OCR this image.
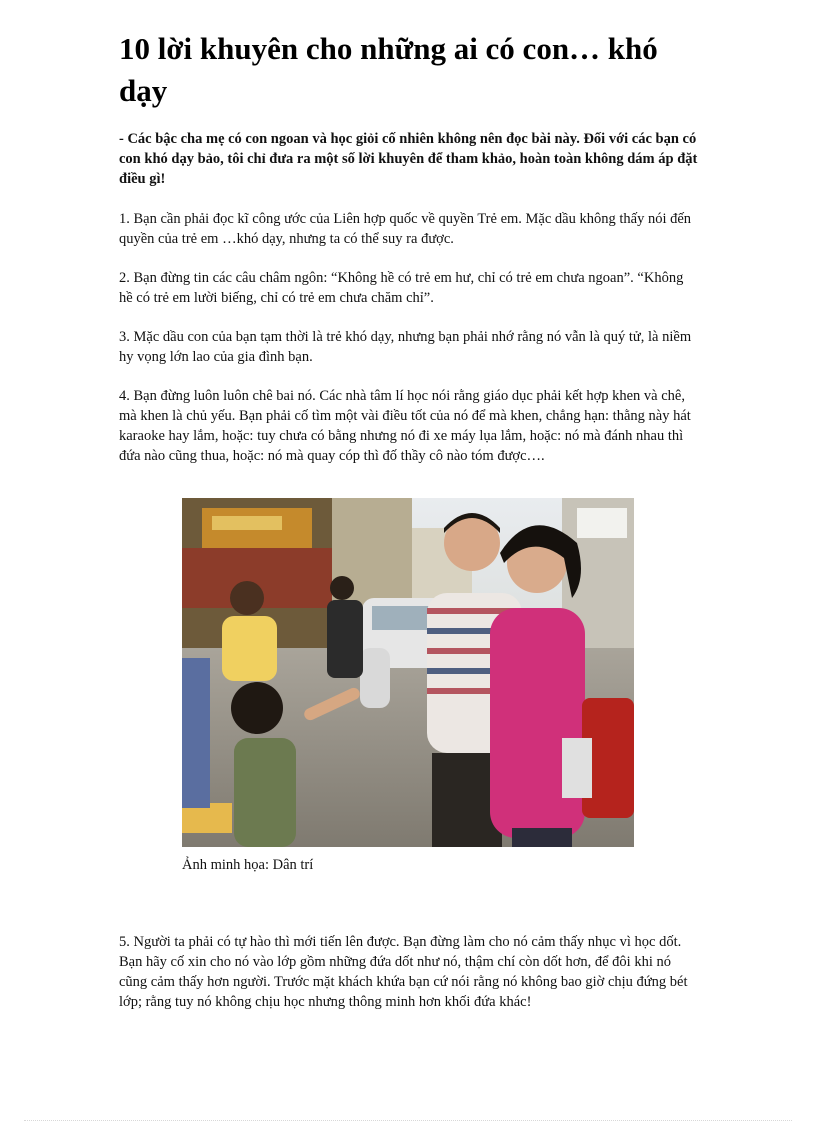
10 lời khuyên cho những ai có con… khó dạy

- Các bậc cha mẹ có con ngoan và học giỏi cố nhiên không nên đọc bài này. Đối với các bạn có con khó dạy bảo, tôi chỉ đưa ra một số lời khuyên để tham khảo, hoàn toàn không dám áp đặt điều gì!

1. Bạn cần phải đọc kĩ công ước của Liên hợp quốc về quyền Trẻ em. Mặc dầu không thấy nói đến quyền của trẻ em …khó dạy, nhưng ta có thể suy ra được.

2. Bạn đừng tin các câu châm ngôn: “Không hề có trẻ em hư, chỉ có trẻ em chưa ngoan”. “Không hề có trẻ em lười biếng, chỉ có trẻ em chưa chăm chỉ”.

3. Mặc dầu con của bạn tạm thời là trẻ khó dạy, nhưng bạn phải nhớ rằng nó vẫn là quý tử, là niềm hy vọng lớn lao của gia đình bạn.

4. Bạn đừng luôn luôn chê bai nó. Các nhà tâm lí học nói rằng giáo dục phải kết hợp khen và chê, mà khen là chủ yếu. Bạn phải cố tìm một vài điều tốt của nó để mà khen, chẳng hạn: thằng này hát karaoke hay lắm, hoặc: tuy chưa có bằng nhưng nó đi xe máy lụa lắm, hoặc: nó mà đánh nhau thì đứa nào cũng thua, hoặc: nó mà quay cóp thì đố thầy cô nào tóm được….

Ảnh minh họa: Dân trí

5. Người ta phải có tự hào thì mới tiến lên được. Bạn đừng làm cho nó cảm thấy nhục vì học dốt. Bạn hãy cố xin cho nó vào lớp gồm những đứa dốt như nó, thậm chí còn dốt hơn, để đôi khi nó cũng cảm thấy hơn người. Trước mặt khách khứa bạn cứ nói rằng nó không bao giờ chịu đứng bét lớp; rằng tuy nó không chịu học nhưng thông minh hơn khối đứa khác!
